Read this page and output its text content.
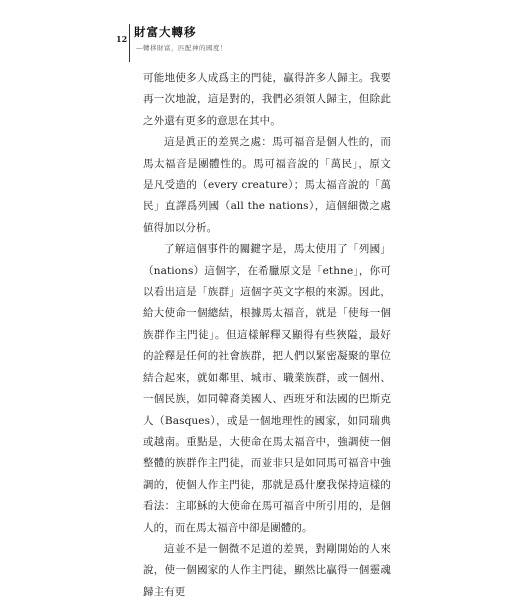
12 財富大轉移
—轉移財富，匹配神的國度！

可能地使多人成爲主的門徒，贏得許多人歸主。我要再一次地說，這是對的，我們必須領人歸主，但除此之外還有更多的意思在其中。

這是眞正的差異之處：馬可福音是個人性的，而馬太福音是團體性的。馬可福音說的「萬民」，原文是凡受造的（every creature）；馬太福音說的「萬民」直譯爲列國（all the nations），這個細微之處値得加以分析。

了解這個事件的關鍵字是，馬太使用了「列國」（nations）這個字，在希臘原文是「ethne」，你可以看出這是「族群」這個字英文字根的來源。因此，給大使命一個總結，根據馬太福音，就是「使每一個族群作主門徒」。但這樣解釋又顯得有些狹隘，最好的詮釋是任何的社會族群，把人們以緊密凝聚的單位結合起來，就如鄰里、城市、職業族群，或一個州、一個民族，如同韓裔美國人、西班牙和法國的巴斯克人（Basques），或是一個地理性的國家，如同瑞典或越南。重點是，大使命在馬太福音中，強調使一個整體的族群作主門徒，而並非只是如同馬可福音中強調的，使個人作主門徒，那就是爲什麼我保持這樣的看法：主耶穌的大使命在馬可福音中所引用的，是個人的，而在馬太福音中卻是團體的。

這並不是一個微不足道的差異，對剛開始的人來說，使一個國家的人作主門徒，顯然比贏得一個靈魂歸主有更
